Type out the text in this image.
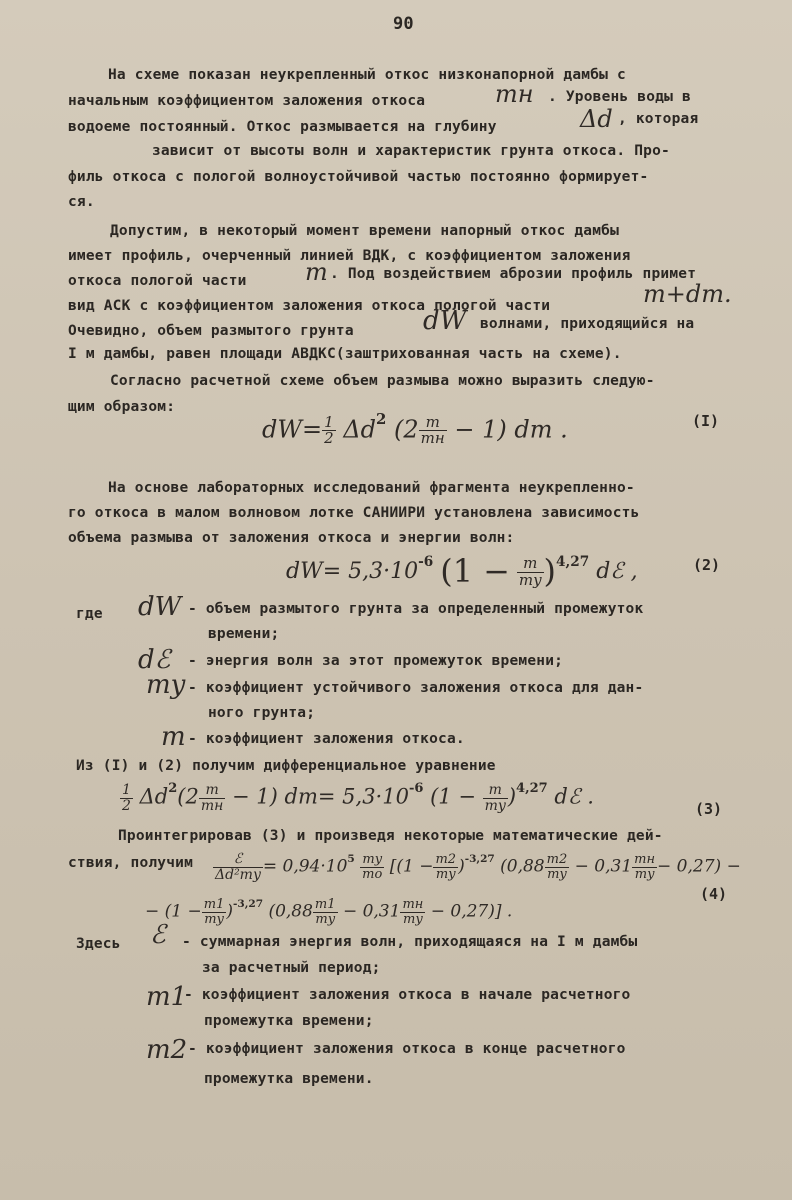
90
На схеме показан неукрепленный откос низконапорной дамбы с
начальным коэффициентом заложения откоса	mн . Уровень воды в
водоеме постоянный. Откос размывается на глубину	Δd , которая
зависит от высоты волн и характеристик грунта откоса. Про-
филь откоса с пологой волноустойчивой частью постоянно формирует-
ся.
Допустим, в некоторый момент времени напорный откос дамбы
имеет профиль, очерченный линией ВДК, с коэффициентом заложения
откоса пологой части m . Под воздействием аброзии профиль примет
вид АСК с коэффициентом заложения откоса пологой части	m+dm.
Очевидно, объем размытого грунта	dW волнами, приходящийся на
I м дамбы, равен площади АВДКС(заштрихованная часть на схеме).
Согласно расчетной схеме объем размыва можно выразить следую-
щим образом:
$dW= \frac{1}{2} \Delta d^2$ (2 m
mн − 1) dm .	(I)
На основе лабораторных исследований фрагмента неукрепленно-
го откоса в малом волновом лотке САНИИРИ установлена зависимость
объема размыва от заложения откоса и энергии волн:
$dW= 5,3\cdot 10^{-6}$ $(1 - \frac{m}{my} )^{4,27}$ dℰ ,	(2)
где dW - объем размытого грунта за определенный промежуток
времени;
dℰ - энергия волн за этот промежуток времени;
my - коэффициент устойчивого заложения откоса для дан-
ного грунта;
m - коэффициент заложения откоса.
Из (I) и (2) получим дифференциальное уравнение
$\frac{1}{2} \Delta d^2(2$ m
mн − 1) $dm= 5,3\cdot 10^{-6}$ $(1 - \frac{m}{my} )^{4,27}$ dℰ .
(3)
Проинтегрировав (3) и произведя некоторые математические дей-
ствия, получим	ℰ
$\Delta d^2my = 0,94\cdot 10^5 \frac{my}{mo} [(1 - \frac{m2}{my} )^{-3,27}$ ($0,88 \frac{m2}{my} - 0,31$ mн
my − 0,27) −
(4)
− $(1 - \frac{m1}{my} )^{-3,27}$ ($0,88 \frac{m1}{my} - 0,31$ mн
my − 0,27)] .
Здесь ℰ - суммарная энергия волн, приходящаяся на I м дамбы
за расчетный период;
m1
- коэффициент заложения откоса в начале расчетного
промежутка времени;
m2 - коэффициент заложения откоса в конце расчетного
промежутка времени.
